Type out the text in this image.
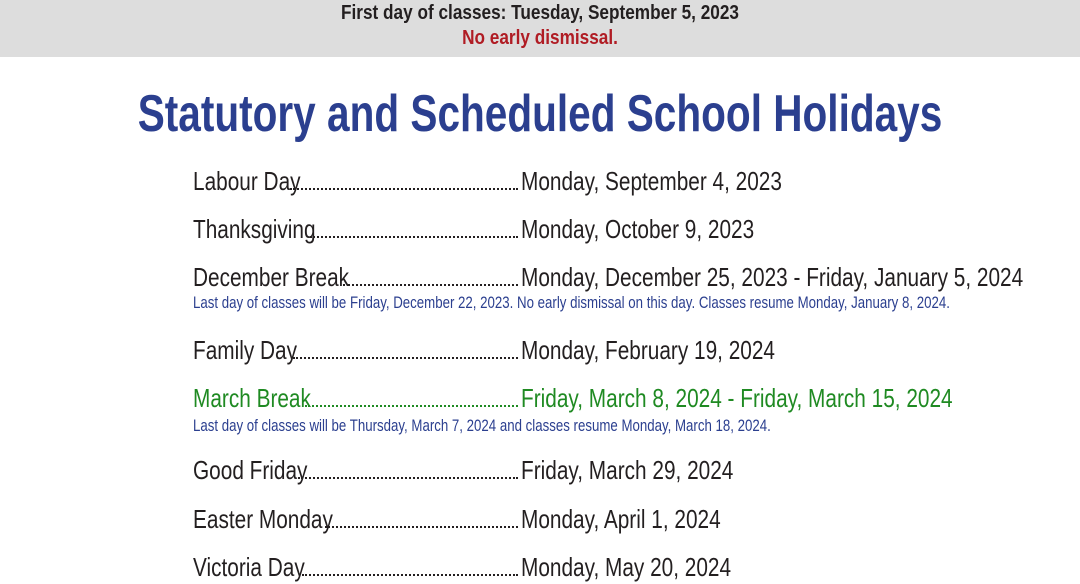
First day of classes: Tuesday, September 5, 2023
No early dismissal.
Statutory and Scheduled School Holidays
Labour Day	Monday, September 4, 2023
Thanksgiving	Monday, October 9, 2023
December Break	Monday, December 25, 2023 - Friday, January 5, 2024
Last day of classes will be Friday, December 22, 2023. No early dismissal on this day. Classes resume Monday, January 8, 2024.
Family Day	Monday, February 19, 2024
March Break	Friday, March 8, 2024 - Friday, March 15, 2024
Last day of classes will be Thursday, March 7, 2024 and classes resume Monday, March 18, 2024.
Good Friday	Friday, March 29, 2024
Easter Monday	Monday, April 1, 2024
Victoria Day	Monday, May 20, 2024
